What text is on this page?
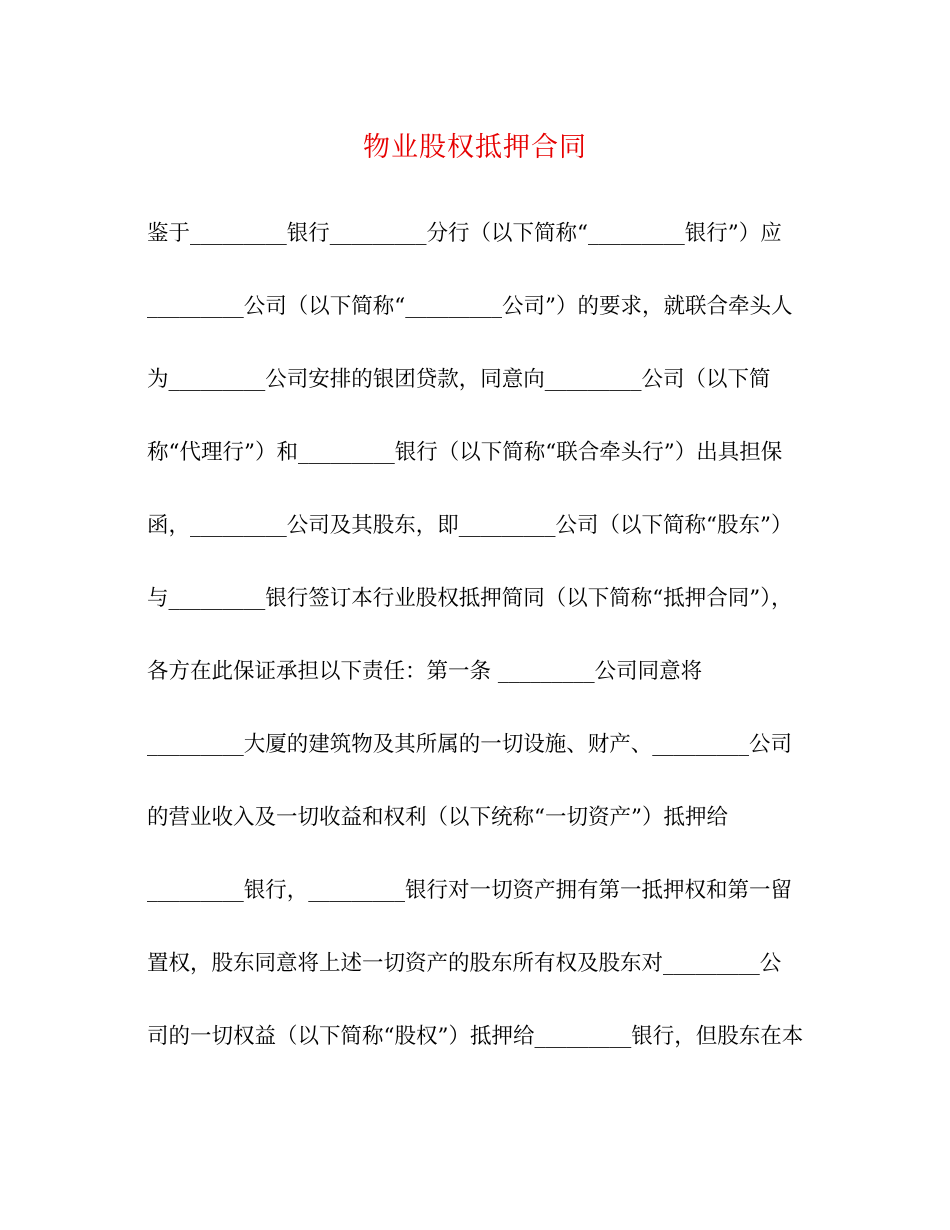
物业股权抵押合同
鉴于_________银行_________分行（以下简称“_________银行”）应
_________公司（以下简称“_________公司”）的要求，就联合牵头人
为_________公司安排的银团贷款，同意向_________公司（以下简
称“代理行”）和_________银行（以下简称“联合牵头行”）出具担保
函，_________公司及其股东，即_________公司（以下简称“股东”）
与_________银行签订本行业股权抵押简同（以下简称“抵押合同”），
各方在此保证承担以下责任：第一条 _________公司同意将
_________大厦的建筑物及其所属的一切设施、财产、_________公司
的营业收入及一切收益和权利（以下统称“一切资产”）抵押给
_________银行，_________银行对一切资产拥有第一抵押权和第一留
置权，股东同意将上述一切资产的股东所有权及股东对_________公
司的一切权益（以下简称“股权”）抵押给_________银行，但股东在本
